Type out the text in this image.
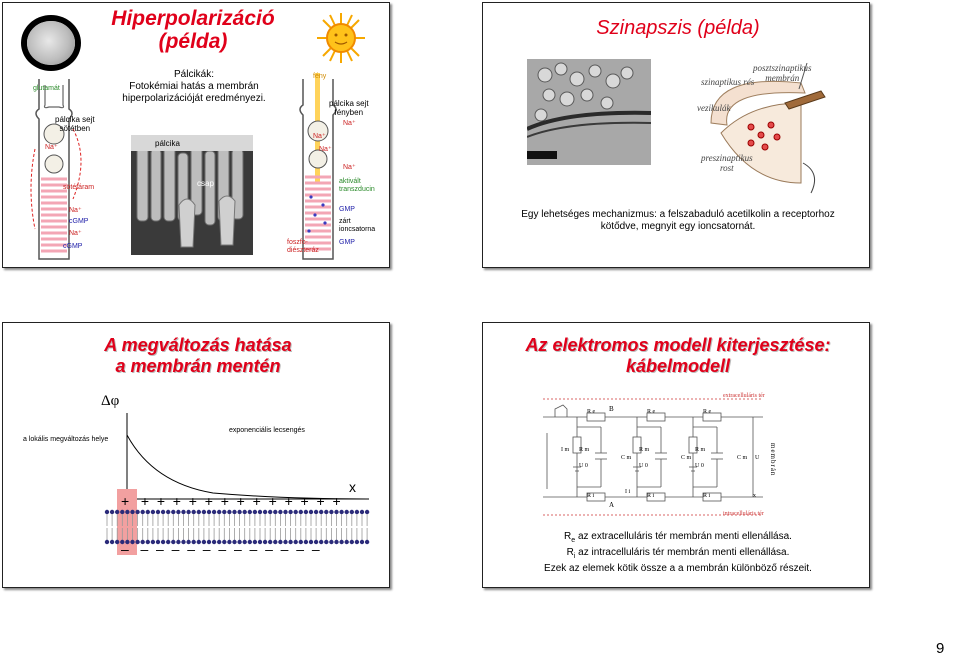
Hiperpolarizáció
(példa)
Pálcikák:
Fotokémiai hatás a membrán
hiperpolarizációját eredményezi.
glutamát
pálcika sejt
sötétben
Na⁺
sötétáram
Na⁺
cGMP
Na⁺
cGMP
pálcika
csap
fény
pálcika sejt
fényben
Na⁺
Na⁺
Na⁺
Na⁺
aktivált
transzducin
GMP
zárt
ioncsatorna
GMP
foszfo-
diészteráz
Szinapszis (példa)
szinaptikus rés
posztszinaptikus
membrán
vezikulák
preszinaptikus
rost
Egy lehetséges mechanizmus: a felszabaduló acetilkolin a receptorhoz
kötődve, megnyit egy ioncsatornát.
A megváltozás hatása
a membrán mentén
Δφ
exponenciális lecsengés
a lokális megváltozás helye
x
+ + + + + + + + + + + + + +
– – – – – – – – – – – – –
Az elektromos modell kiterjesztése:
kábelmodell
extracelluláris tér
intracelluláris tér
membrán
B
A
R e	R e	R e
R i	R i	R i
R m	R m	R m
C m	C m	C m
U 0	U 0	U 0
I m
I i
U
x
$R_e$ az extracelluláris tér membrán menti ellenállása.
$R_i$ az intracelluláris tér membrán menti ellenállása.
Ezek az elemek kötik össze a a membrán különböző részeit.
9
